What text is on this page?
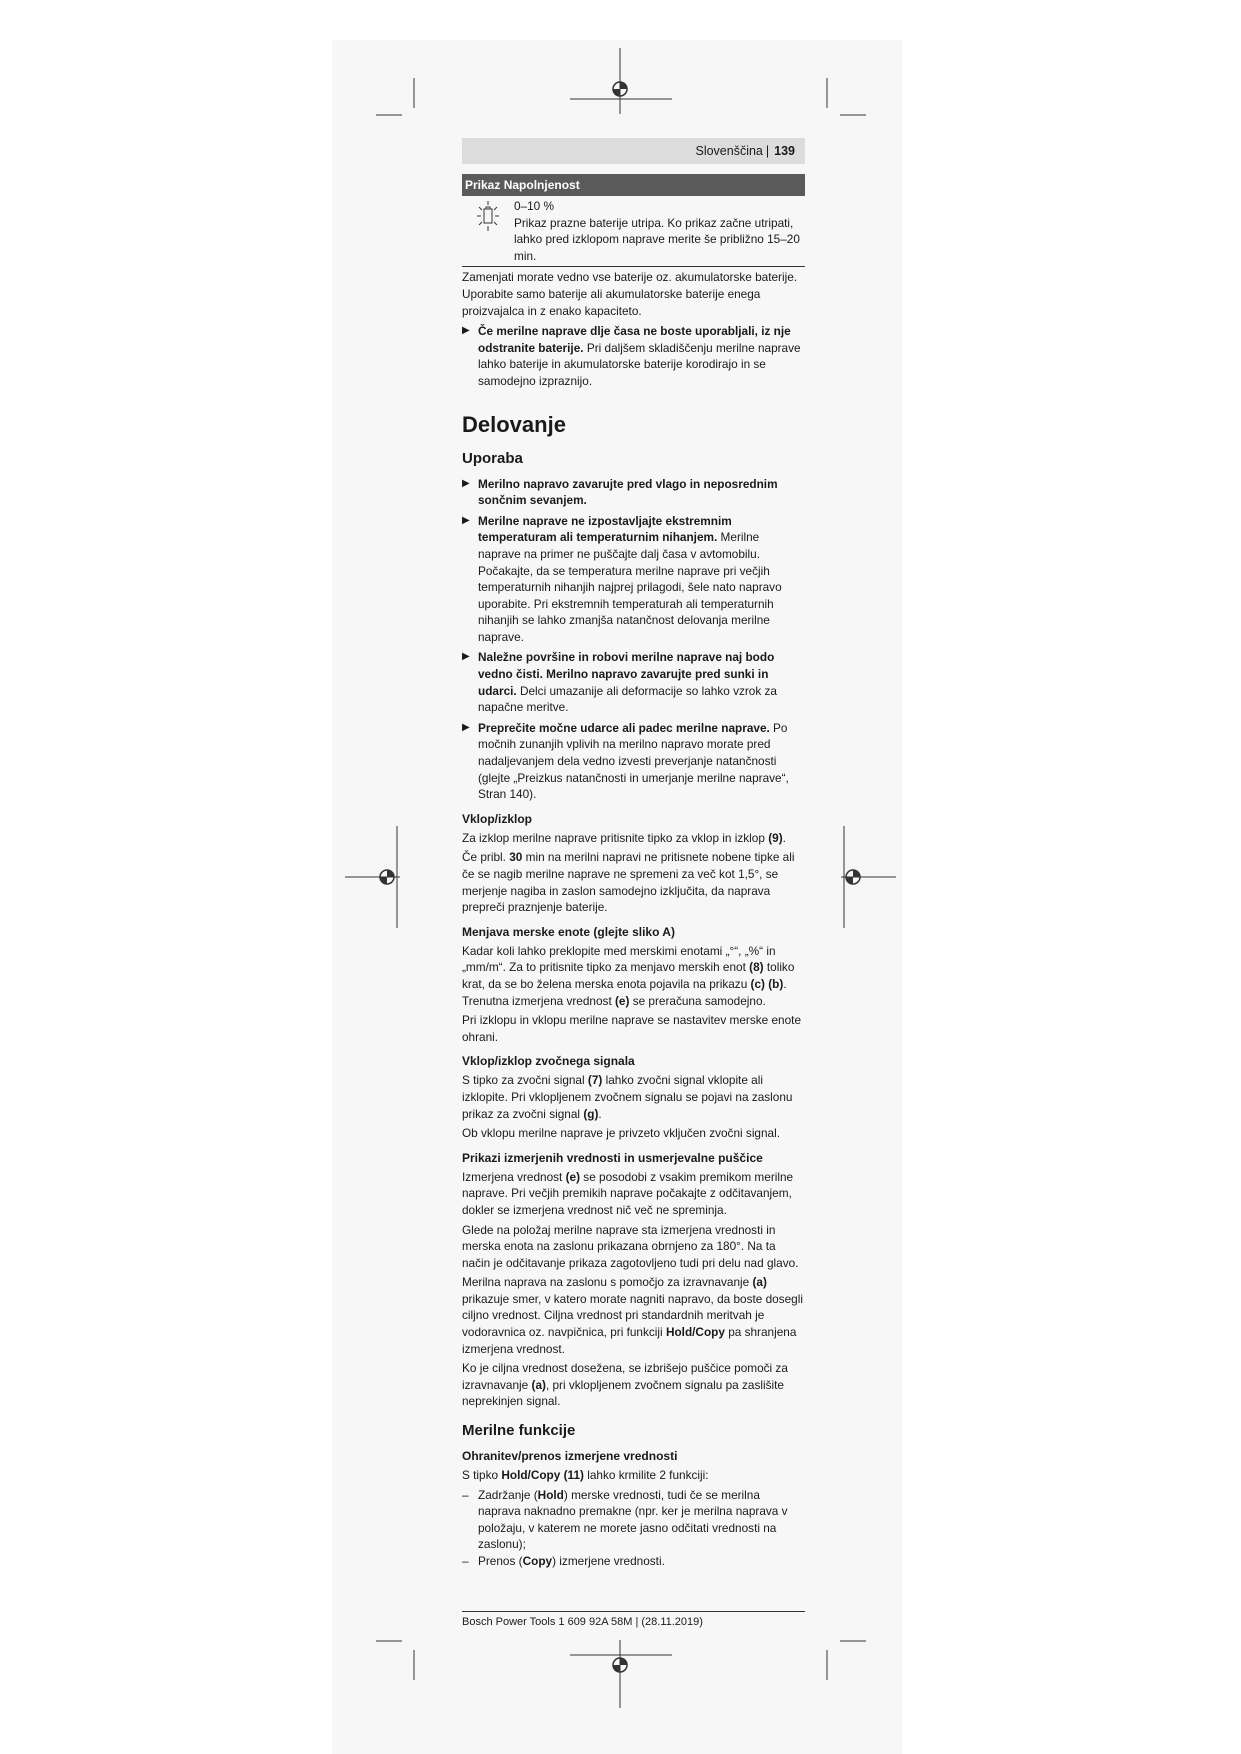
Slovenščina | 139
Prikaz Napolnjenost
0–10 %
Prikaz prazne baterije utripa. Ko prikaz začne utripati, lahko pred izklopom naprave merite še približno 15–20 min.

Zamenjati morate vedno vse baterije oz. akumulatorske baterije. Uporabite samo baterije ali akumulatorske baterije enega proizvajalca in z enako kapaciteto.

▶ Če merilne naprave dlje časa ne boste uporabljali, iz nje odstranite baterije. Pri daljšem skladiščenju merilne naprave lahko baterije in akumulatorske baterije korodirajo in se samodejno izpraznijo.
Delovanje
Uporaba
▶ Merilno napravo zavarujte pred vlago in neposrednim sončnim sevanjem.
▶ Merilne naprave ne izpostavljajte ekstremnim temperaturam ali temperaturnim nihanjem. Merilne naprave na primer ne puščajte dalj časa v avtomobilu. Počakajte, da se temperatura merilne naprave pri večjih temperaturnih nihanjih najprej prilagodi, šele nato napravo uporabite. Pri ekstremnih temperaturah ali temperaturnih nihanjih se lahko zmanjša natančnost delovanja merilne naprave.
▶ Naležne površine in robovi merilne naprave naj bodo vedno čisti. Merilno napravo zavarujte pred sunki in udarci. Delci umazanije ali deformacije so lahko vzrok za napačne meritve.
▶ Preprečite močne udarce ali padec merilne naprave. Po močnih zunanjih vplivih na merilno napravo morate pred nadaljevanjem dela vedno izvesti preverjanje natančnosti (glejte „Preizkus natančnosti in umerjanje merilne naprave“, Stran 140).
Vklop/izklop

Za izklop merilne naprave pritisnite tipko za vklop in izklop (9).

Če pribl. 30 min na merilni napravi ne pritisnete nobene tipke ali če se nagib merilne naprave ne spremeni za več kot 1,5°, se merjenje nagiba in zaslon samodejno izključita, da naprava prepreči praznjenje baterije.

Menjava merske enote (glejte sliko A)

Kadar koli lahko preklopite med merskimi enotami „°“, „%“ in „mm/m“. Za to pritisnite tipko za menjavo merskih enot (8) toliko krat, da se bo želena merska enota pojavila na prikazu (c) (b). Trenutna izmerjena vrednost (e) se preračuna samodejno.

Pri izklopu in vklopu merilne naprave se nastavitev merske enote ohrani.

Vklop/izklop zvočnega signala

S tipko za zvočni signal (7) lahko zvočni signal vklopite ali izklopite. Pri vklopljenem zvočnem signalu se pojavi na zaslonu prikaz za zvočni signal (g).

Ob vklopu merilne naprave je privzeto vključen zvočni signal.

Prikazi izmerjenih vrednosti in usmerjevalne puščice

Izmerjena vrednost (e) se posodobi z vsakim premikom merilne naprave. Pri večjih premikih naprave počakajte z odčitavanjem, dokler se izmerjena vrednost nič več ne spreminja.

Glede na položaj merilne naprave sta izmerjena vrednosti in merska enota na zaslonu prikazana obrnjeno za 180°. Na ta način je odčitavanje prikaza zagotovljeno tudi pri delu nad glavo.

Merilna naprava na zaslonu s pomočjo za izravnavanje (a) prikazuje smer, v katero morate nagniti napravo, da boste dosegli ciljno vrednost. Ciljna vrednost pri standardnih meritvah je vodoravnica oz. navpičnica, pri funkciji Hold/Copy pa shranjena izmerjena vrednost.

Ko je ciljna vrednost dosežena, se izbrišejo puščice pomoči za izravnavanje (a), pri vklopljenem zvočnem signalu pa zaslišite neprekinjen signal.

Merilne funkcije
Ohranitev/prenos izmerjene vrednosti

S tipko Hold/Copy (11) lahko krmilite 2 funkciji:

– Zadržanje (Hold) merske vrednosti, tudi če se merilna naprava naknadno premakne (npr. ker je merilna naprava v položaju, v katerem ne morete jasno odčitati vrednosti na zaslonu);
– Prenos (Copy) izmerjene vrednosti.
Bosch Power Tools 1 609 92A 58M | (28.11.2019)
